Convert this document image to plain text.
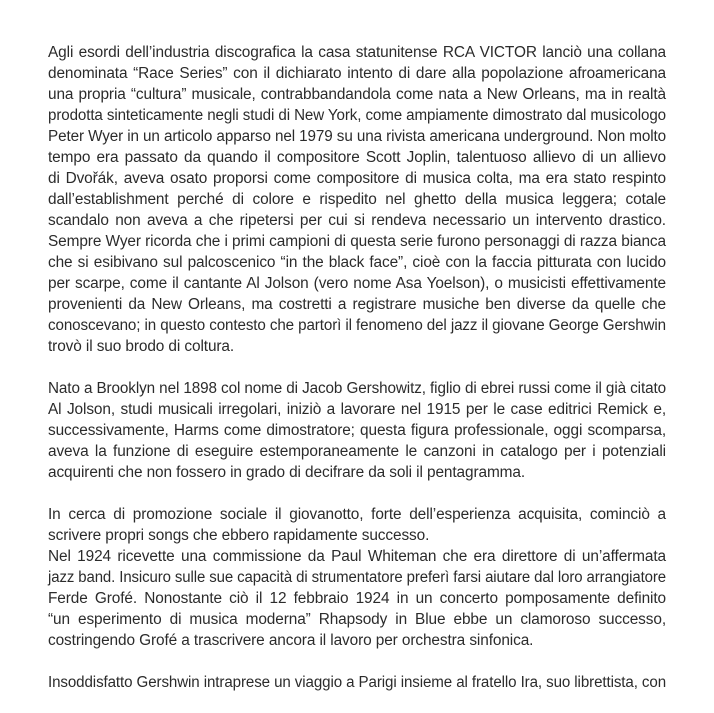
Agli esordi dell’industria discografica la casa statunitense RCA VICTOR lanciò una collana
denominata “Race Series” con il dichiarato intento di dare alla popolazione afroamericana
una propria “cultura” musicale, contrabbandandola come nata a New Orleans, ma in realtà
prodotta sinteticamente negli studi di New York, come ampiamente dimostrato dal musicologo
Peter Wyer in un articolo apparso nel 1979 su una rivista americana underground. Non molto
tempo era passato da quando il compositore Scott Joplin, talentuoso allievo di un allievo
di Dvořák, aveva osato proporsi come compositore di musica colta, ma era stato respinto
dall’establishment perché di colore e rispedito nel ghetto della musica leggera; cotale
scandalo non aveva a che ripetersi per cui si rendeva necessario un intervento drastico.
Sempre Wyer ricorda che i primi campioni di questa serie furono personaggi di razza bianca
che si esibivano sul palcoscenico “in the black face”, cioè con la faccia pitturata con lucido
per scarpe, come il cantante Al Jolson (vero nome Asa Yoelson), o musicisti effettivamente
provenienti da New Orleans, ma costretti a registrare musiche ben diverse da quelle che
conoscevano; in questo contesto che partorì il fenomeno del jazz il giovane George Gershwin
trovò il suo brodo di coltura.
Nato a Brooklyn nel 1898 col nome di Jacob Gershowitz, figlio di ebrei russi come il già citato
Al Jolson, studi musicali irregolari, iniziò a lavorare nel 1915 per le case editrici Remick e,
successivamente, Harms come dimostratore; questa figura professionale, oggi scomparsa,
aveva la funzione di eseguire estemporaneamente le canzoni in catalogo per i potenziali
acquirenti che non fossero in grado di decifrare da soli il pentagramma.
In cerca di promozione sociale il giovanotto, forte dell’esperienza acquisita, cominciò a
scrivere propri songs che ebbero rapidamente successo.
Nel 1924 ricevette una commissione da Paul Whiteman che era direttore di un’affermata
jazz band. Insicuro sulle sue capacità di strumentatore preferì farsi aiutare dal loro arrangiatore
Ferde Grofé. Nonostante ciò il 12 febbraio 1924 in un concerto pomposamente definito
“un esperimento di musica moderna” Rhapsody in Blue ebbe un clamoroso successo,
costringendo Grofé a trascrivere ancora il lavoro per orchestra sinfonica.
Insoddisfatto Gershwin intraprese un viaggio a Parigi insieme al fratello Ira, suo librettista, con
